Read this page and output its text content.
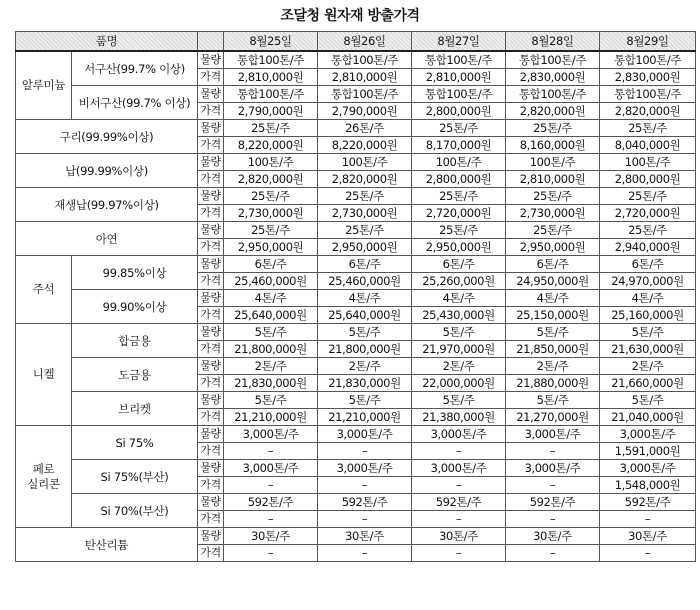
조달청 원자재 방출가격
품명			8월25일	8월26일	8월27일	8월28일	8월29일
알루미늄	서구산(99.7% 이상)	물량	통합100톤/주	통합100톤/주	통합100톤/주	통합100톤/주	통합100톤/주
		가격	2,810,000원	2,810,000원	2,810,000원	2,830,000원	2,830,000원
	비서구산(99.7% 이상)	물량	통합100톤/주	통합100톤/주	통합100톤/주	통합100톤/주	통합100톤/주
		가격	2,790,000원	2,790,000원	2,800,000원	2,820,000원	2,820,000원
구리(99.99%이상)		물량	25톤/주	26톤/주	25톤/주	25톤/주	25톤/주
		가격	8,220,000원	8,220,000원	8,170,000원	8,160,000원	8,040,000원
납(99.99%이상)		물량	100톤/주	100톤/주	100톤/주	100톤/주	100톤/주
		가격	2,820,000원	2,820,000원	2,800,000원	2,810,000원	2,800,000원
재생납(99.97%이상)		물량	25톤/주	25톤/주	25톤/주	25톤/주	25톤/주
		가격	2,730,000원	2,730,000원	2,720,000원	2,730,000원	2,720,000원
아연		물량	25톤/주	25톤/주	25톤/주	25톤/주	25톤/주
		가격	2,950,000원	2,950,000원	2,950,000원	2,950,000원	2,940,000원
주석	99.85%이상	물량	6톤/주	6톤/주	6톤/주	6톤/주	6톤/주
		가격	25,460,000원	25,460,000원	25,260,000원	24,950,000원	24,970,000원
	99.90%이상	물량	4톤/주	4톤/주	4톤/주	4톤/주	4톤/주
		가격	25,640,000원	25,640,000원	25,430,000원	25,150,000원	25,160,000원
니켈	합금용	물량	5톤/주	5톤/주	5톤/주	5톤/주	5톤/주
		가격	21,800,000원	21,800,000원	21,970,000원	21,850,000원	21,630,000원
	도금용	물량	2톤/주	2톤/주	2톤/주	2톤/주	2톤/주
		가격	21,830,000원	21,830,000원	22,000,000원	21,880,000원	21,660,000원
	브리켓	물량	5톤/주	5톤/주	5톤/주	5톤/주	5톤/주
		가격	21,210,000원	21,210,000원	21,380,000원	21,270,000원	21,040,000원
페로
실리콘	Si 75%	물량	3,000톤/주	3,000톤/주	3,000톤/주	3,000톤/주	3,000톤/주
		가격	–	–	–	–	1,591,000원
	Si 75%(부산)	물량	3,000톤/주	3,000톤/주	3,000톤/주	3,000톤/주	3,000톤/주
		가격	–	–	–	–	1,548,000원
	Si 70%(부산)	물량	592톤/주	592톤/주	592톤/주	592톤/주	592톤/주
		가격	–	–	–	–	–
탄산리튬		물량	30톤/주	30톤/주	30톤/주	30톤/주	30톤/주
		가격	–	–	–	–	–
